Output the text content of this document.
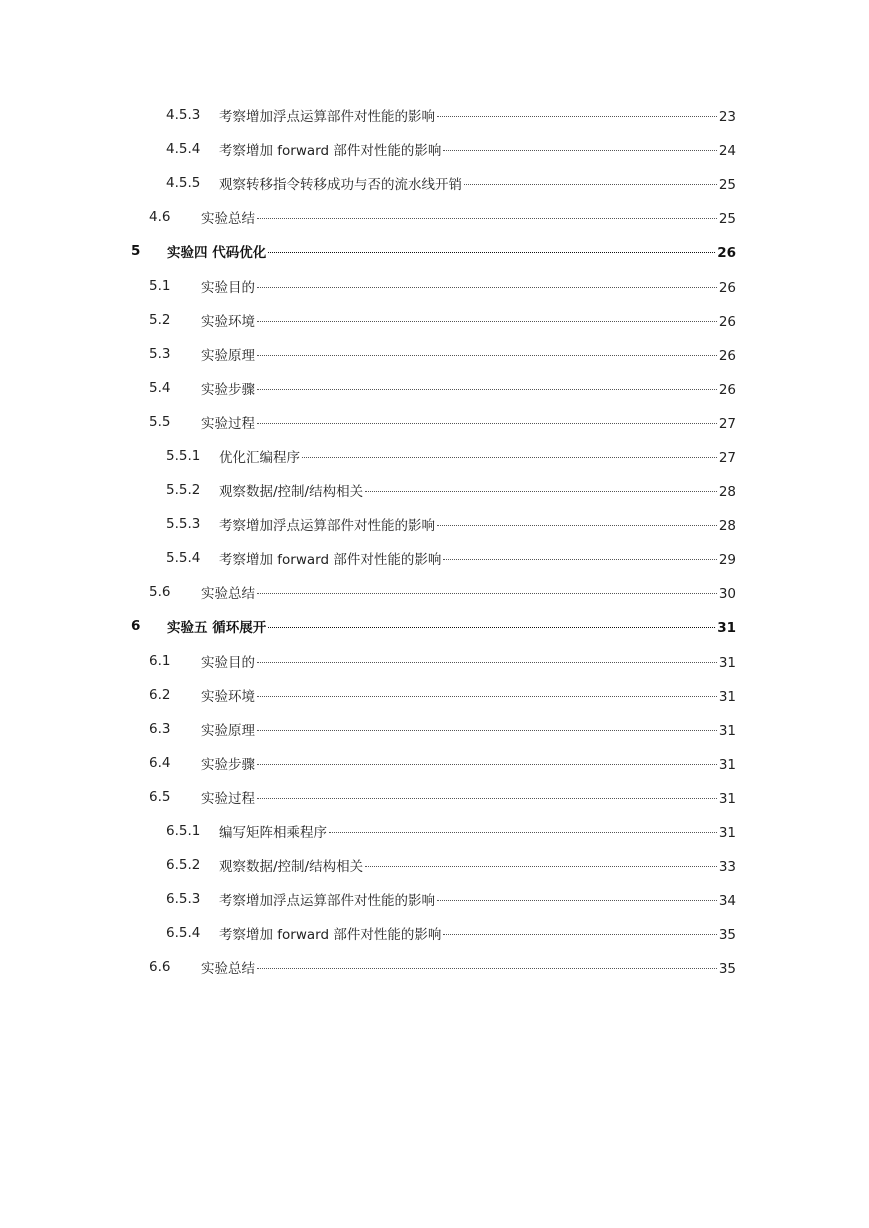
4.5.3 考察增加浮点运算部件对性能的影响	23
4.5.4 考察增加 forward 部件对性能的影响	24
4.5.5 观察转移指令转移成功与否的流水线开销	25
4.6 实验总结	25
5 实验四 代码优化	26
5.1 实验目的	26
5.2 实验环境	26
5.3 实验原理	26
5.4 实验步骤	26
5.5 实验过程	27
5.5.1 优化汇编程序	27
5.5.2 观察数据/控制/结构相关	28
5.5.3 考察增加浮点运算部件对性能的影响	28
5.5.4 考察增加 forward 部件对性能的影响	29
5.6 实验总结	30
6 实验五 循环展开	31
6.1 实验目的	31
6.2 实验环境	31
6.3 实验原理	31
6.4 实验步骤	31
6.5 实验过程	31
6.5.1 编写矩阵相乘程序	31
6.5.2 观察数据/控制/结构相关	33
6.5.3 考察增加浮点运算部件对性能的影响	34
6.5.4 考察增加 forward 部件对性能的影响	35
6.6 实验总结	35
